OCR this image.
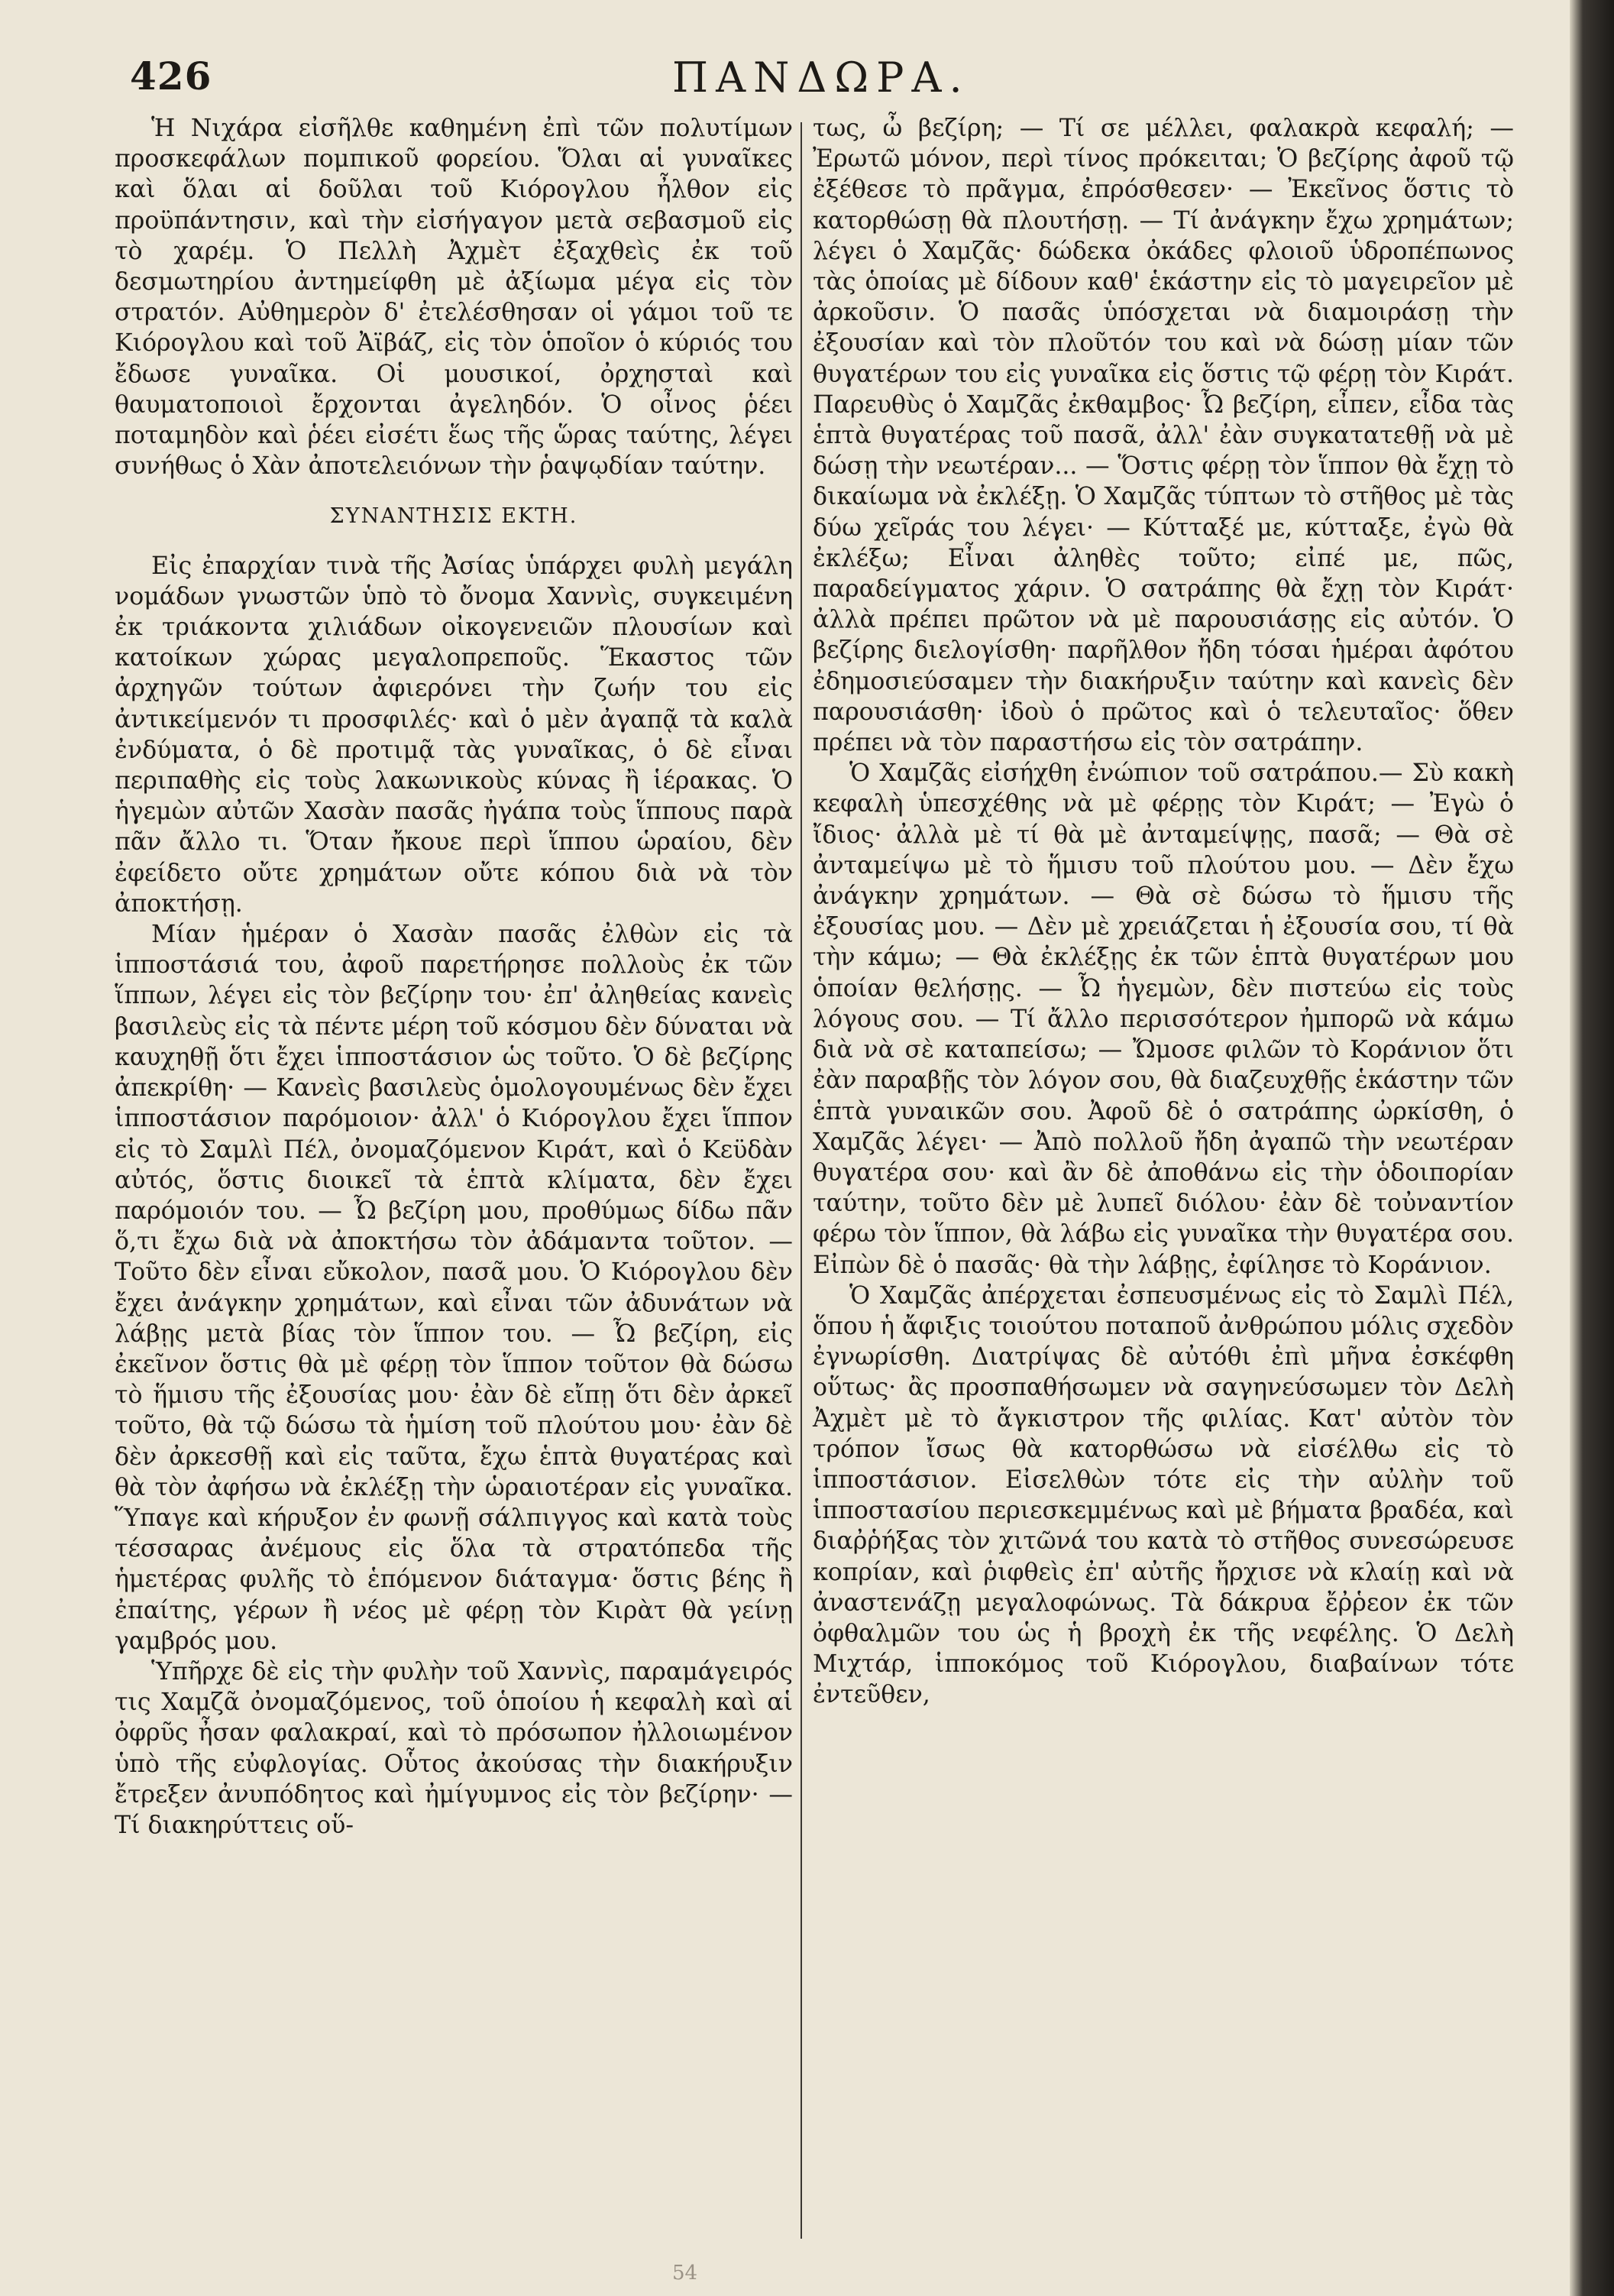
426	ΠΑΝΔΩΡΑ.

Ἡ Νιχάρα εἰσῆλθε καθημένη ἐπὶ τῶν πολυτίμων προσκεφάλων πομπικοῦ φορείου. Ὅλαι αἱ γυναῖκες καὶ ὅλαι αἱ δοῦλαι τοῦ Κιόρογλου ἦλθον εἰς προϋπάντησιν, καὶ τὴν εἰσήγαγον μετὰ σεβασμοῦ εἰς τὸ χαρέμ. Ὁ Πελλὴ Ἀχμὲτ ἐξαχθεὶς ἐκ τοῦ δεσμωτηρίου ἀντημείφθη μὲ ἀξίωμα μέγα εἰς τὸν στρατόν. Αὐθημερὸν δ' ἐτελέσθησαν οἱ γάμοι τοῦ τε Κιόρογλου καὶ τοῦ Ἀϊβάζ, εἰς τὸν ὁποῖον ὁ κύριός του ἔδωσε γυναῖκα. Οἱ μουσικοί, ὀρχησταὶ καὶ θαυματοποιοὶ ἔρχονται ἀγεληδόν. Ὁ οἶνος ῥέει ποταμηδὸν καὶ ῥέει εἰσέτι ἕως τῆς ὥρας ταύτης, λέγει συνήθως ὁ Χὰν ἀποτελειόνων τὴν ῥαψῳδίαν ταύτην.

ΣΥΝΑΝΤΗΣΙΣ ΕΚΤΗ.

Εἰς ἐπαρχίαν τινὰ τῆς Ἀσίας ὑπάρχει φυλὴ μεγάλη νομάδων γνωστῶν ὑπὸ τὸ ὄνομα Χαννὶς, συγκειμένη ἐκ τριάκοντα χιλιάδων οἰκογενειῶν πλουσίων καὶ κατοίκων χώρας μεγαλοπρεποῦς. Ἕκαστος τῶν ἀρχηγῶν τούτων ἀφιερόνει τὴν ζωήν του εἰς ἀντικείμενόν τι προσφιλές· καὶ ὁ μὲν ἀγαπᾷ τὰ καλὰ ἐνδύματα, ὁ δὲ προτιμᾷ τὰς γυναῖκας, ὁ δὲ εἶναι περιπαθὴς εἰς τοὺς λακωνικοὺς κύνας ἢ ἱέρακας. Ὁ ἡγεμὼν αὐτῶν Χασὰν πασᾶς ἠγάπα τοὺς ἵππους παρὰ πᾶν ἄλλο τι. Ὅταν ἤκουε περὶ ἵππου ὡραίου, δὲν ἐφείδετο οὔτε χρημάτων οὔτε κόπου διὰ νὰ τὸν ἀποκτήσῃ.

Μίαν ἡμέραν ὁ Χασὰν πασᾶς ἐλθὼν εἰς τὰ ἱπποστάσιά του, ἀφοῦ παρετήρησε πολλοὺς ἐκ τῶν ἵππων, λέγει εἰς τὸν βεζίρην του· ἐπ' ἀληθείας κανεὶς βασιλεὺς εἰς τὰ πέντε μέρη τοῦ κόσμου δὲν δύναται νὰ καυχηθῇ ὅτι ἔχει ἱπποστάσιον ὡς τοῦτο. Ὁ δὲ βεζίρης ἀπεκρίθη· — Κανεὶς βασιλεὺς ὁμολογουμένως δὲν ἔχει ἱπποστάσιον παρόμοιον· ἀλλ' ὁ Κιόρογλου ἔχει ἵππον εἰς τὸ Σαμλὶ Πέλ, ὀνομαζόμενον Κιράτ, καὶ ὁ Κεϋδὰν αὐτός, ὅστις διοικεῖ τὰ ἑπτὰ κλίματα, δὲν ἔχει παρόμοιόν του. — Ὦ βεζίρη μου, προθύμως δίδω πᾶν ὅ,τι ἔχω διὰ νὰ ἀποκτήσω τὸν ἀδάμαντα τοῦτον. — Τοῦτο δὲν εἶναι εὔκολον, πασᾶ μου. Ὁ Κιόρογλου δὲν ἔχει ἀνάγκην χρημάτων, καὶ εἶναι τῶν ἀδυνάτων νὰ λάβῃς μετὰ βίας τὸν ἵππον του. — Ὦ βεζίρη, εἰς ἐκεῖνον ὅστις θὰ μὲ φέρῃ τὸν ἵππον τοῦτον θὰ δώσω τὸ ἥμισυ τῆς ἐξουσίας μου· ἐὰν δὲ εἴπῃ ὅτι δὲν ἀρκεῖ τοῦτο, θὰ τῷ δώσω τὰ ἡμίση τοῦ πλούτου μου· ἐὰν δὲ δὲν ἀρκεσθῇ καὶ εἰς ταῦτα, ἔχω ἑπτὰ θυγατέρας καὶ θὰ τὸν ἀφήσω νὰ ἐκλέξῃ τὴν ὡραιοτέραν εἰς γυναῖκα. Ὕπαγε καὶ κήρυξον ἐν φωνῇ σάλπιγγος καὶ κατὰ τοὺς τέσσαρας ἀνέμους εἰς ὅλα τὰ στρατόπεδα τῆς ἡμετέρας φυλῆς τὸ ἑπόμενον διάταγμα· ὅστις βέης ἢ ἐπαίτης, γέρων ἢ νέος μὲ φέρῃ τὸν Κιρὰτ θὰ γείνῃ γαμβρός μου.

Ὑπῆρχε δὲ εἰς τὴν φυλὴν τοῦ Χαννὶς, παραμάγειρός τις Χαμζᾶ ὀνομαζόμενος, τοῦ ὁποίου ἡ κεφαλὴ καὶ αἱ ὀφρῦς ἦσαν φαλακραί, καὶ τὸ πρόσωπον ἠλλοιωμένον ὑπὸ τῆς εὐφλογίας. Οὗτος ἀκούσας τὴν διακήρυξιν ἔτρεξεν ἀνυπόδητος καὶ ἠμίγυμνος εἰς τὸν βεζίρην· — Τί διακηρύττεις οὕ-

τως, ὦ βεζίρη; — Τί σε μέλλει, φαλακρὰ κεφαλή; — Ἐρωτῶ μόνον, περὶ τίνος πρόκειται; Ὁ βεζίρης ἀφοῦ τῷ ἐξέθεσε τὸ πρᾶγμα, ἐπρόσθεσεν· — Ἐκεῖνος ὅστις τὸ κατορθώσῃ θὰ πλουτήσῃ. — Τί ἀνάγκην ἔχω χρημάτων; λέγει ὁ Χαμζᾶς· δώδεκα ὀκάδες φλοιοῦ ὑδροπέπωνος τὰς ὁποίας μὲ δίδουν καθ' ἑκάστην εἰς τὸ μαγειρεῖον μὲ ἀρκοῦσιν. Ὁ πασᾶς ὑπόσχεται νὰ διαμοιράσῃ τὴν ἐξουσίαν καὶ τὸν πλοῦτόν του καὶ νὰ δώσῃ μίαν τῶν θυγατέρων του εἰς γυναῖκα εἰς ὅστις τῷ φέρῃ τὸν Κιράτ. Παρευθὺς ὁ Χαμζᾶς ἐκθαμβος· Ὦ βεζίρη, εἶπεν, εἶδα τὰς ἑπτὰ θυγατέρας τοῦ πασᾶ, ἀλλ' ἐὰν συγκατατεθῇ νὰ μὲ δώσῃ τὴν νεωτέραν... — Ὅστις φέρῃ τὸν ἵππον θὰ ἔχῃ τὸ δικαίωμα νὰ ἐκλέξῃ. Ὁ Χαμζᾶς τύπτων τὸ στῆθος μὲ τὰς δύω χεῖράς του λέγει· — Κύτταξέ με, κύτταξε, ἐγὼ θὰ ἐκλέξω; Εἶναι ἀληθὲς τοῦτο; εἰπέ με, πῶς, παραδείγματος χάριν. Ὁ σατράπης θὰ ἔχῃ τὸν Κιράτ· ἀλλὰ πρέπει πρῶτον νὰ μὲ παρουσιάσῃς εἰς αὐτόν. Ὁ βεζίρης διελογίσθη· παρῆλθον ἤδη τόσαι ἡμέραι ἀφότου ἐδημοσιεύσαμεν τὴν διακήρυξιν ταύτην καὶ κανεὶς δὲν παρουσιάσθη· ἰδοὺ ὁ πρῶτος καὶ ὁ τελευταῖος· ὅθεν πρέπει νὰ τὸν παραστήσω εἰς τὸν σατράπην.

Ὁ Χαμζᾶς εἰσήχθη ἐνώπιον τοῦ σατράπου.— Σὺ κακὴ κεφαλὴ ὑπεσχέθης νὰ μὲ φέρῃς τὸν Κιράτ; — Ἐγὼ ὁ ἴδιος· ἀλλὰ μὲ τί θὰ μὲ ἀνταμείψῃς, πασᾶ; — Θὰ σὲ ἀνταμείψω μὲ τὸ ἥμισυ τοῦ πλούτου μου. — Δὲν ἔχω ἀνάγκην χρημάτων. — Θὰ σὲ δώσω τὸ ἥμισυ τῆς ἐξουσίας μου. — Δὲν μὲ χρειάζεται ἡ ἐξουσία σου, τί θὰ τὴν κάμω; — Θὰ ἐκλέξῃς ἐκ τῶν ἑπτὰ θυγατέρων μου ὁποίαν θελήσῃς. — Ὦ ἡγεμὼν, δὲν πιστεύω εἰς τοὺς λόγους σου. — Τί ἄλλο περισσότερον ἠμπορῶ νὰ κάμω διὰ νὰ σὲ καταπείσω; — Ὤμοσε φιλῶν τὸ Κοράνιον ὅτι ἐὰν παραβῇς τὸν λόγον σου, θὰ διαζευχθῇς ἑκάστην τῶν ἑπτὰ γυναικῶν σου. Ἀφοῦ δὲ ὁ σατράπης ὠρκίσθη, ὁ Χαμζᾶς λέγει· — Ἀπὸ πολλοῦ ἤδη ἀγαπῶ τὴν νεωτέραν θυγατέρα σου· καὶ ἂν δὲ ἀποθάνω εἰς τὴν ὁδοιπορίαν ταύτην, τοῦτο δὲν μὲ λυπεῖ διόλου· ἐὰν δὲ τοὐναντίον φέρω τὸν ἵππον, θὰ λάβω εἰς γυναῖκα τὴν θυγατέρα σου. Εἰπὼν δὲ ὁ πασᾶς· θὰ τὴν λάβῃς, ἐφίλησε τὸ Κοράνιον.

Ὁ Χαμζᾶς ἀπέρχεται ἐσπευσμένως εἰς τὸ Σαμλὶ Πέλ, ὅπου ἡ ἄφιξις τοιούτου ποταποῦ ἀνθρώπου μόλις σχεδὸν ἐγνωρίσθη. Διατρίψας δὲ αὐτόθι ἐπὶ μῆνα ἐσκέφθη οὕτως· ἂς προσπαθήσωμεν νὰ σαγηνεύσωμεν τὸν Δελὴ Ἀχμὲτ μὲ τὸ ἄγκιστρον τῆς φιλίας. Κατ' αὐτὸν τὸν τρόπον ἴσως θὰ κατορθώσω νὰ εἰσέλθω εἰς τὸ ἱπποστάσιον. Εἰσελθὼν τότε εἰς τὴν αὐλὴν τοῦ ἱπποστασίου περιεσκεμμένως καὶ μὲ βήματα βραδέα, καὶ διαῤῥήξας τὸν χιτῶνά του κατὰ τὸ στῆθος συνεσώρευσε κοπρίαν, καὶ ῥιφθεὶς ἐπ' αὐτῆς ἤρχισε νὰ κλαίῃ καὶ νὰ ἀναστενάζῃ μεγαλοφώνως. Τὰ δάκρυα ἔῤῥεον ἐκ τῶν ὀφθαλμῶν του ὡς ἡ βροχὴ ἐκ τῆς νεφέλης. Ὁ Δελὴ Μιχτάρ, ἱπποκόμος τοῦ Κιόρογλου, διαβαίνων τότε ἐντεῦθεν,

54
